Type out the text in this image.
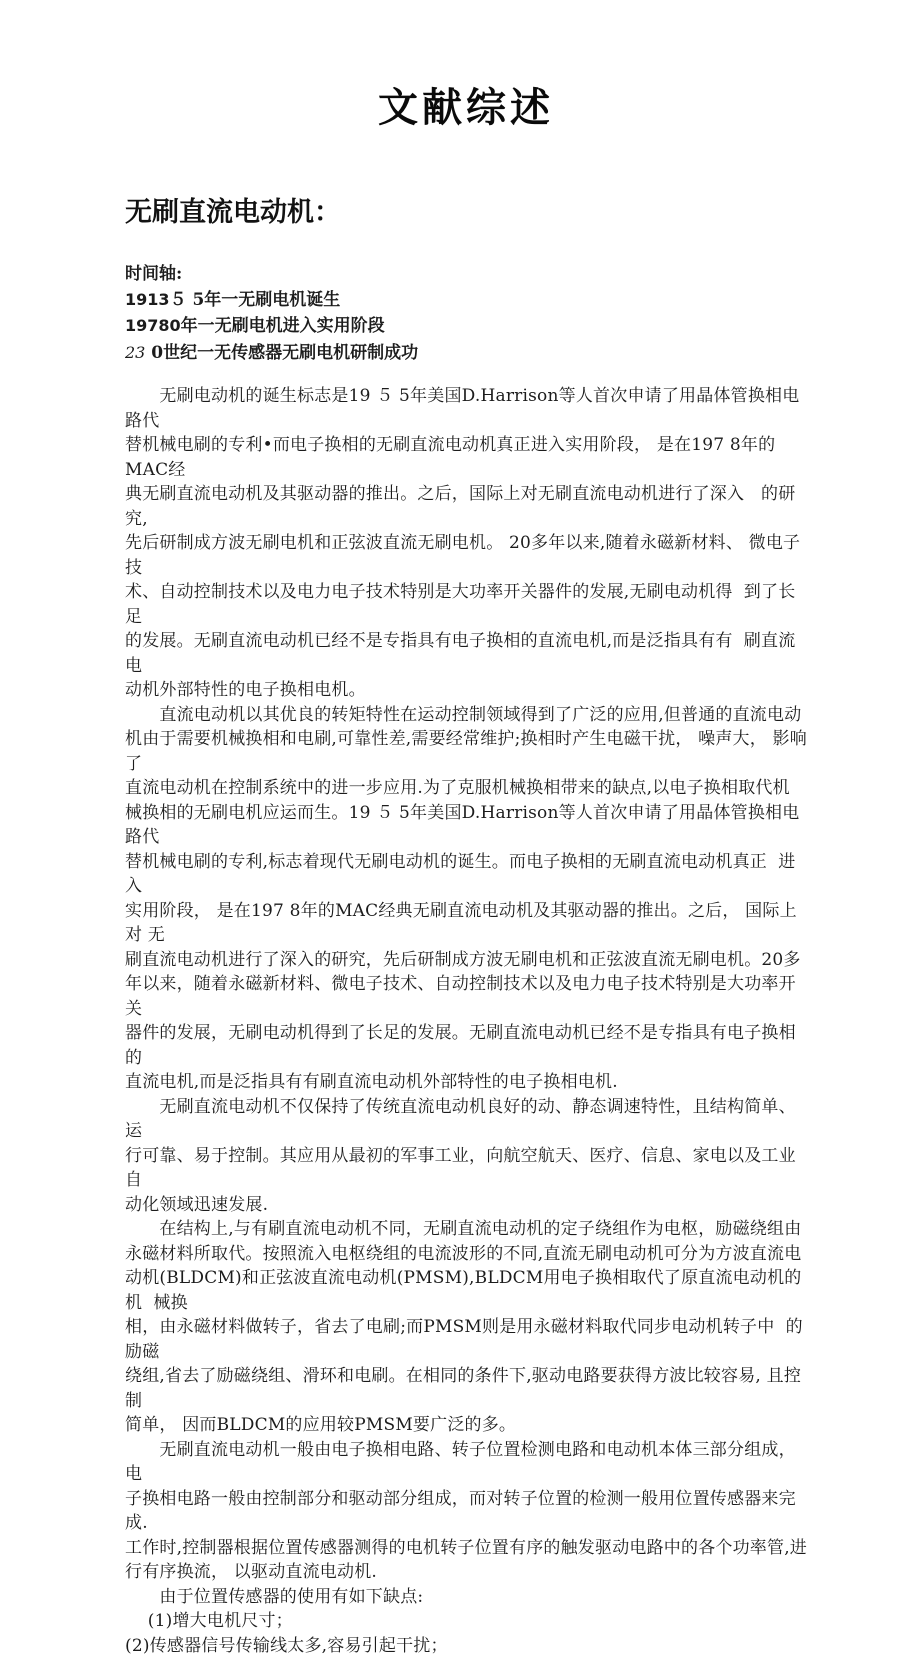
文献综述
无刷直流电动机：
时间轴:
1913５ 5年一无刷电机诞生
19780年一无刷电机进入实用阶段
23 0世纪一无传感器无刷电机研制成功
　　无刷电动机的诞生标志是19 ５ 5年美国D.Harrison等人首次申请了用晶体管换相电 路代
替机械电刷的专利•而电子换相的无刷直流电动机真正进入实用阶段， 是在197 8年的  MAC经
典无刷直流电动机及其驱动器的推出。之后，国际上对无刷直流电动机进行了深入   的研究,
先后研制成方波无刷电机和正弦波直流无刷电机。 20多年以来,随着永磁新材料、 微电子技
术、自动控制技术以及电力电子技术特别是大功率开关器件的发展,无刷电动机得  到了长足
的发展。无刷直流电动机已经不是专指具有电子换相的直流电机,而是泛指具有有  刷直流电
动机外部特性的电子换相电机。
　　直流电动机以其优良的转矩特性在运动控制领域得到了广泛的应用,但普通的直流电动
机由于需要机械换相和电刷,可靠性差,需要经常维护;换相时产生电磁干扰， 噪声大， 影响了
直流电动机在控制系统中的进一步应用.为了克服机械换相带来的缺点,以电子换相取代机
械换相的无刷电机应运而生。19 ５ 5年美国D.Harrison等人首次申请了用晶体管换相电 路代
替机械电刷的专利,标志着现代无刷电动机的诞生。而电子换相的无刷直流电动机真正  进入
实用阶段， 是在197 8年的MAC经典无刷直流电动机及其驱动器的推出。之后， 国际上对 无
刷直流电动机进行了深入的研究，先后研制成方波无刷电机和正弦波直流无刷电机。20多
年以来，随着永磁新材料、微电子技术、自动控制技术以及电力电子技术特别是大功率开关
器件的发展，无刷电动机得到了长足的发展。无刷直流电动机已经不是专指具有电子换相的
直流电机,而是泛指具有有刷直流电动机外部特性的电子换相电机.
　　无刷直流电动机不仅保持了传统直流电动机良好的动、静态调速特性，且结构简单、运
行可靠、易于控制。其应用从最初的军事工业，向航空航天、医疗、信息、家电以及工业自
动化领域迅速发展.
　　在结构上,与有刷直流电动机不同，无刷直流电动机的定子绕组作为电枢，励磁绕组由
永磁材料所取代。按照流入电枢绕组的电流波形的不同,直流无刷电动机可分为方波直流电
动机(BLDCM)和正弦波直流电动机(PMSM),BLDCM用电子换相取代了原直流电动机的机  械换
相，由永磁材料做转子，省去了电刷;而PMSM则是用永磁材料取代同步电动机转子中  的励磁
绕组,省去了励磁绕组、滑环和电刷。在相同的条件下,驱动电路要获得方波比较容易, 且控制
简单， 因而BLDCM的应用较PMSM要广泛的多。
　　无刷直流电动机一般由电子换相电路、转子位置检测电路和电动机本体三部分组成，电
子换相电路一般由控制部分和驱动部分组成，而对转子位置的检测一般用位置传感器来完成.
工作时,控制器根据位置传感器测得的电机转子位置有序的触发驱动电路中的各个功率管,进
行有序换流， 以驱动直流电动机.
　　由于位置传感器的使用有如下缺点:
　 (1)增大电机尺寸；
(2)传感器信号传输线太多,容易引起干扰；
